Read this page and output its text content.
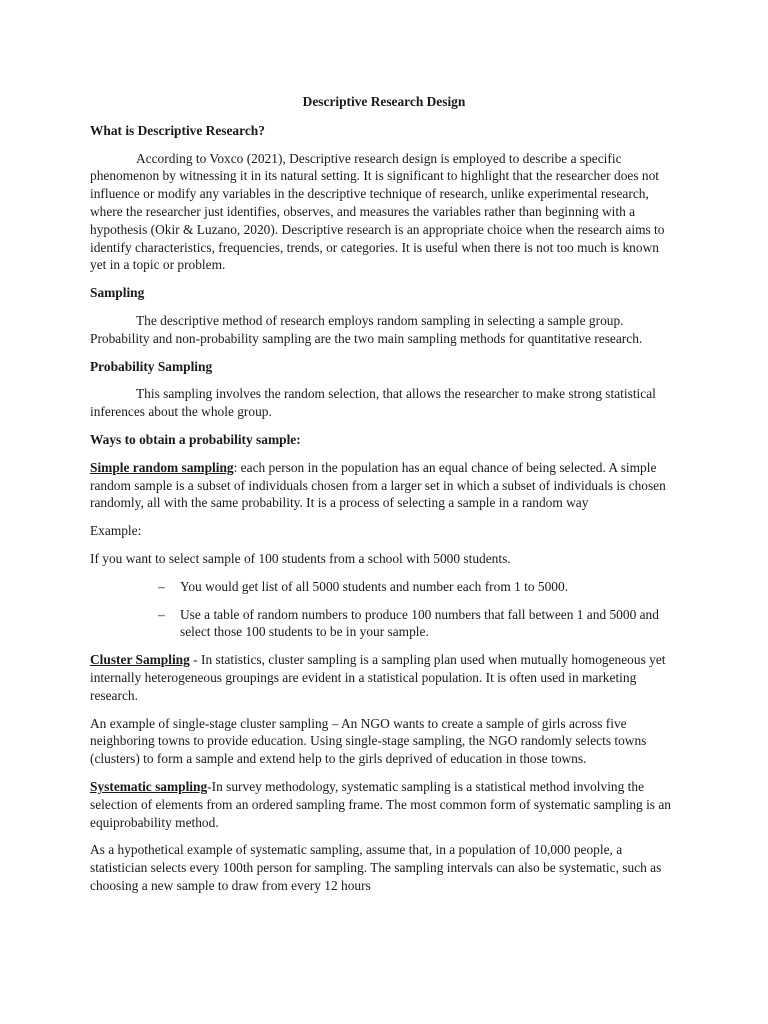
Descriptive Research Design
What is Descriptive Research?

According to Voxco (2021), Descriptive research design is employed to describe a specific phenomenon by witnessing it in its natural setting. It is significant to highlight that the researcher does not influence or modify any variables in the descriptive technique of research, unlike experimental research, where the researcher just identifies, observes, and measures the variables rather than beginning with a hypothesis (Okir & Luzano, 2020). Descriptive research is an appropriate choice when the research aims to identify characteristics, frequencies, trends, or categories. It is useful when there is not too much is known yet in a topic or problem.

Sampling

The descriptive method of research employs random sampling in selecting a sample group. Probability and non-probability sampling are the two main sampling methods for quantitative research.

Probability Sampling

This sampling involves the random selection, that allows the researcher to make strong statistical inferences about the whole group.

Ways to obtain a probability sample:

Simple random sampling: each person in the population has an equal chance of being selected. A simple random sample is a subset of individuals chosen from a larger set in which a subset of individuals is chosen randomly, all with the same probability. It is a process of selecting a sample in a random way

Example:

If you want to select sample of 100 students from a school with 5000 students.

– You would get list of all 5000 students and number each from 1 to 5000.
– Use a table of random numbers to produce 100 numbers that fall between 1 and 5000 and select those 100 students to be in your sample.

Cluster Sampling - In statistics, cluster sampling is a sampling plan used when mutually homogeneous yet internally heterogeneous groupings are evident in a statistical population. It is often used in marketing research.

An example of single-stage cluster sampling – An NGO wants to create a sample of girls across five neighboring towns to provide education. Using single-stage sampling, the NGO randomly selects towns (clusters) to form a sample and extend help to the girls deprived of education in those towns.

Systematic sampling-In survey methodology, systematic sampling is a statistical method involving the selection of elements from an ordered sampling frame. The most common form of systematic sampling is an equiprobability method.

As a hypothetical example of systematic sampling, assume that, in a population of 10,000 people, a statistician selects every 100th person for sampling. The sampling intervals can also be systematic, such as choosing a new sample to draw from every 12 hours
